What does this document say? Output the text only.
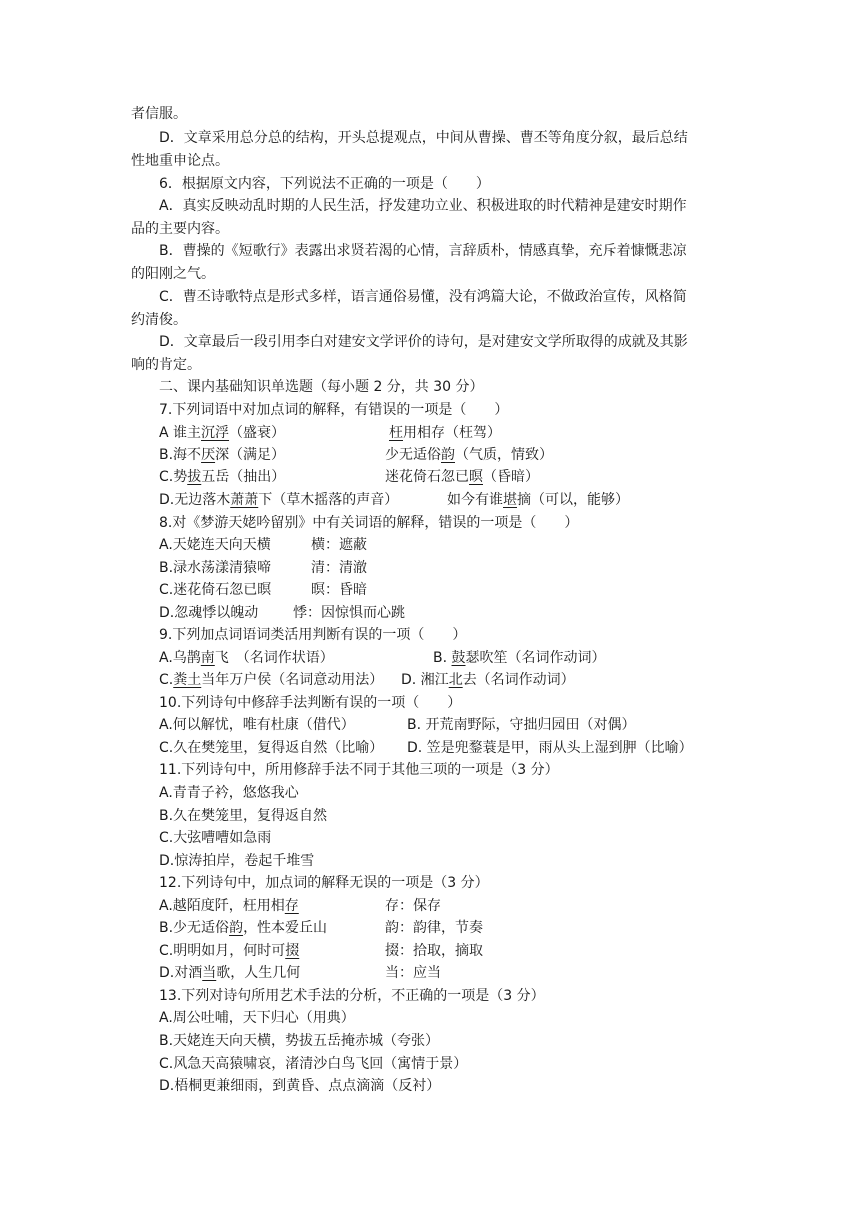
者信服。
D．文章采用总分总的结构，开头总提观点，中间从曹操、曹丕等角度分叙，最后总结
性地重申论点。
6．根据原文内容，下列说法不正确的一项是（　　）
A．真实反映动乱时期的人民生活，抒发建功立业、积极进取的时代精神是建安时期作
品的主要内容。
B．曹操的《短歌行》表露出求贤若渴的心情，言辞质朴，情感真挚，充斥着慷慨悲凉
的阳刚之气。
C．曹丕诗歌特点是形式多样，语言通俗易懂，没有鸿篇大论，不做政治宣传，风格简
约清俊。
D．文章最后一段引用李白对建安文学评价的诗句，是对建安文学所取得的成就及其影
响的肯定。
二、课内基础知识单选题（每小题 2 分，共 30 分）
7.下列词语中对加点词的解释，有错误的一项是（　　）
A 谁主沉浮（盛衰）	枉用相存（枉驾）
B.海不厌深（满足）	少无适俗韵（气质，情致）
C.势拔五岳（抽出）	迷花倚石忽已暝（昏暗）
D.无边落木萧萧下（草木摇落的声音）	如今有谁堪摘（可以，能够）
8.对《梦游天姥吟留别》中有关词语的解释，错误的一项是（　　）
A.天姥连天向天横	横：遮蔽
B.渌水荡漾清猿啼	清：清澈
C.迷花倚石忽已暝	暝：昏暗
D.忽魂悸以魄动 悸：因惊惧而心跳
9.下列加点词语词类活用判断有误的一项（　　）
A.乌鹊南飞　（名词作状语）	B. 鼓瑟吹笙（名词作动词）
C.粪土当年万户侯（名词意动用法） D. 湘江北去（名词作动词）
10.下列诗句中修辞手法判断有误的一项（　　）
A.何以解忧，唯有杜康（借代）	B. 开荒南野际，守拙归园田（对偶）
C.久在樊笼里，复得返自然（比喻） D. 笠是兜鍪蓑是甲，雨从头上湿到胛（比喻）
11.下列诗句中，所用修辞手法不同于其他三项的一项是（3 分）
A.青青子衿，悠悠我心
B.久在樊笼里，复得返自然
C.大弦嘈嘈如急雨
D.惊涛拍岸，卷起千堆雪
12.下列诗句中，加点词的解释无误的一项是（3 分）
A.越陌度阡，枉用相存	存：保存
B.少无适俗韵，性本爱丘山	韵：韵律，节奏
C.明明如月，何时可掇	掇：拾取，摘取
D.对酒当歌，人生几何	当：应当
13.下列对诗句所用艺术手法的分析，不正确的一项是（3 分）
A.周公吐哺，天下归心（用典）
B.天姥连天向天横，势拔五岳掩赤城（夸张）
C.风急天高猿啸哀，渚清沙白鸟飞回（寓情于景）
D.梧桐更兼细雨，到黄昏、点点滴滴（反衬）
